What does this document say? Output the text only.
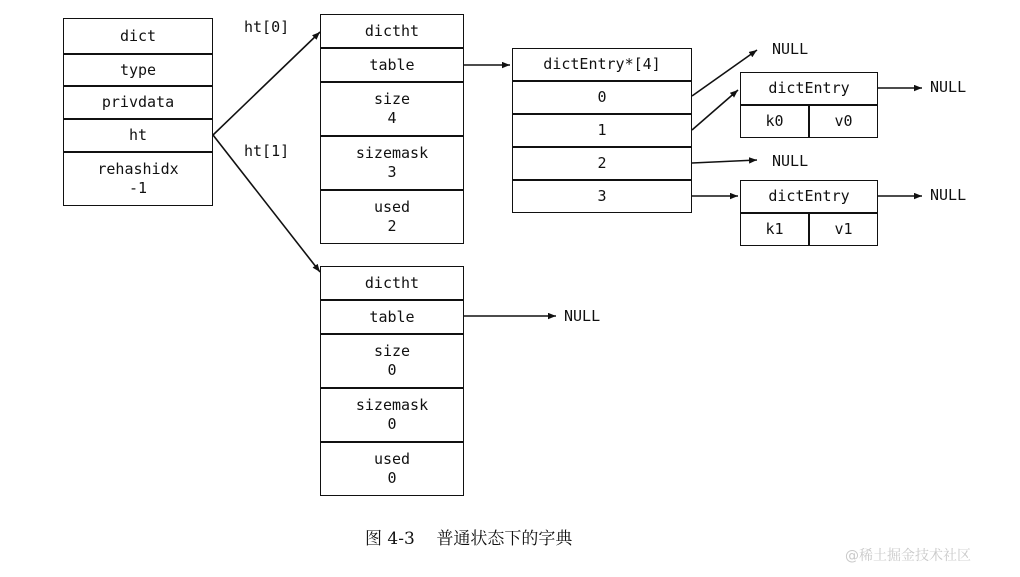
dict
type
privdata
ht
rehashidx
-1
ht[0]
ht[1]
dictht
table
size
4
sizemask
3
used
2
dictht
table
size
0
sizemask
0
used
0
NULL
dictEntry*[4]
0
1
2
3
NULL
NULL
dictEntry
k0	v0
NULL
dictEntry
k1	v1
NULL
图 4-3    普通状态下的字典
@稀土掘金技术社区
